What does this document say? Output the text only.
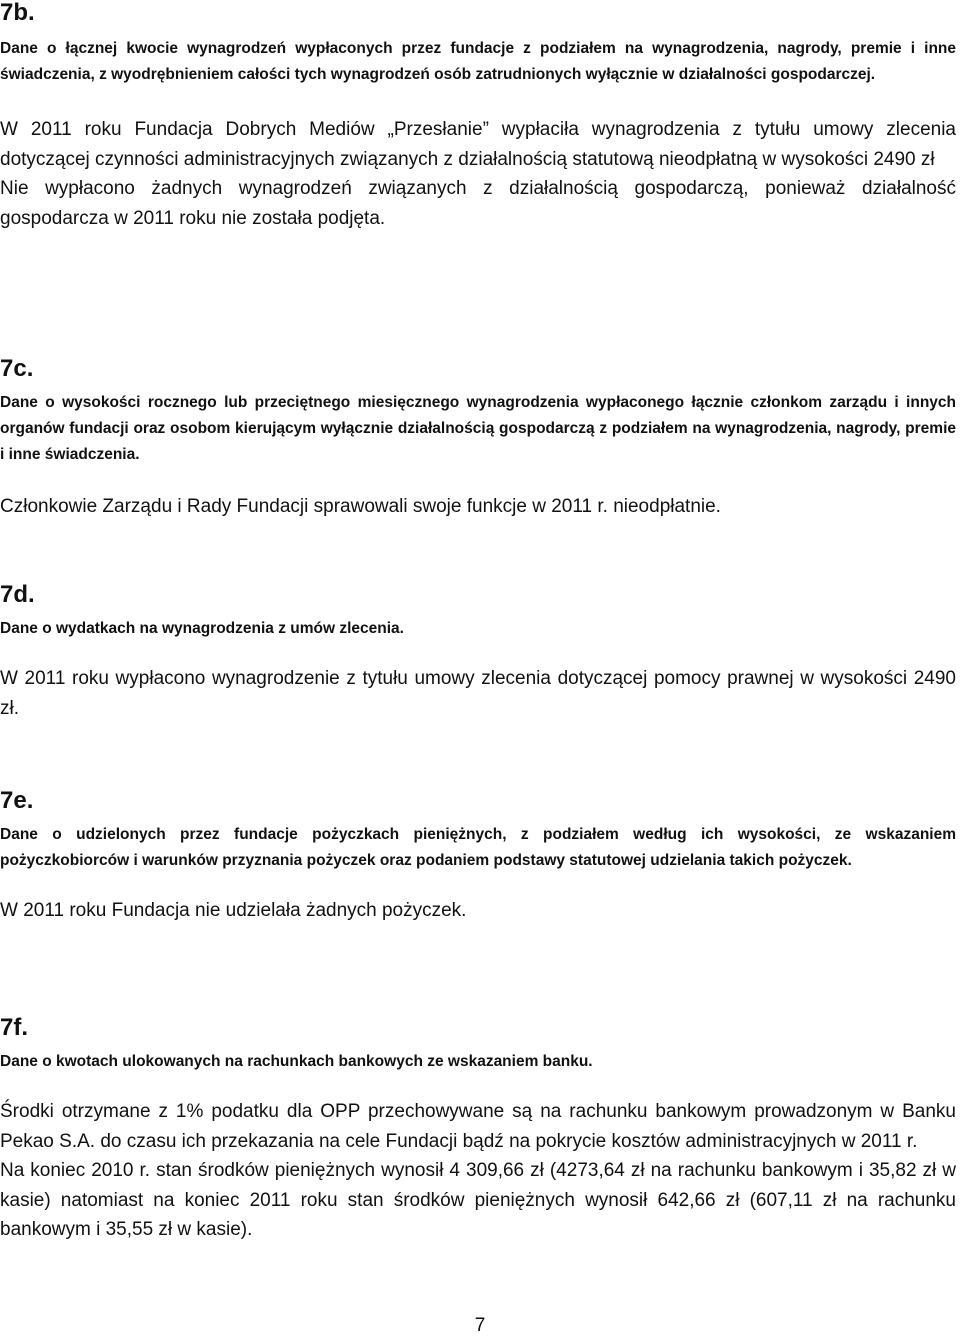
7b.

Dane o łącznej kwocie wynagrodzeń wypłaconych przez fundacje z podziałem na wynagrodzenia, nagrody, premie i inne świadczenia, z wyodrębnieniem całości tych wynagrodzeń osób zatrudnionych wyłącznie w działalności gospodarczej.

W 2011 roku Fundacja Dobrych Mediów „Przesłanie” wypłaciła wynagrodzenia z tytułu umowy zlecenia dotyczącej czynności administracyjnych związanych z działalnością statutową nieodpłatną w wysokości 2490 zł

Nie wypłacono żadnych wynagrodzeń związanych z działalnością gospodarczą, ponieważ działalność gospodarcza w 2011 roku nie została podjęta.

7c.

Dane o wysokości rocznego lub przeciętnego miesięcznego wynagrodzenia wypłaconego łącznie członkom zarządu i innych organów fundacji oraz osobom kierującym wyłącznie działalnością gospodarczą z podziałem na wynagrodzenia, nagrody, premie i inne świadczenia.

Członkowie Zarządu i Rady Fundacji sprawowali swoje funkcje w 2011 r. nieodpłatnie.

7d.

Dane o wydatkach na wynagrodzenia z umów zlecenia.

W 2011 roku wypłacono wynagrodzenie z tytułu umowy zlecenia dotyczącej pomocy prawnej w wysokości 2490 zł.

7e.

Dane o udzielonych przez fundacje pożyczkach pieniężnych, z podziałem według ich wysokości, ze wskazaniem pożyczkobiorców i warunków przyznania pożyczek oraz podaniem podstawy statutowej udzielania takich pożyczek.

W 2011 roku Fundacja nie udzielała żadnych pożyczek.

7f.

Dane o kwotach ulokowanych na rachunkach bankowych ze wskazaniem banku.

Środki otrzymane z 1% podatku dla OPP przechowywane są na rachunku bankowym prowadzonym w Banku Pekao S.A. do czasu ich przekazania na cele Fundacji bądź na pokrycie kosztów administracyjnych w 2011 r.

Na koniec 2010 r. stan środków pieniężnych wynosił 4 309,66 zł (4273,64 zł na rachunku bankowym i 35,82 zł w kasie) natomiast na koniec 2011 roku stan środków pieniężnych wynosił 642,66 zł (607,11 zł na rachunku bankowym i 35,55 zł w kasie).

7
